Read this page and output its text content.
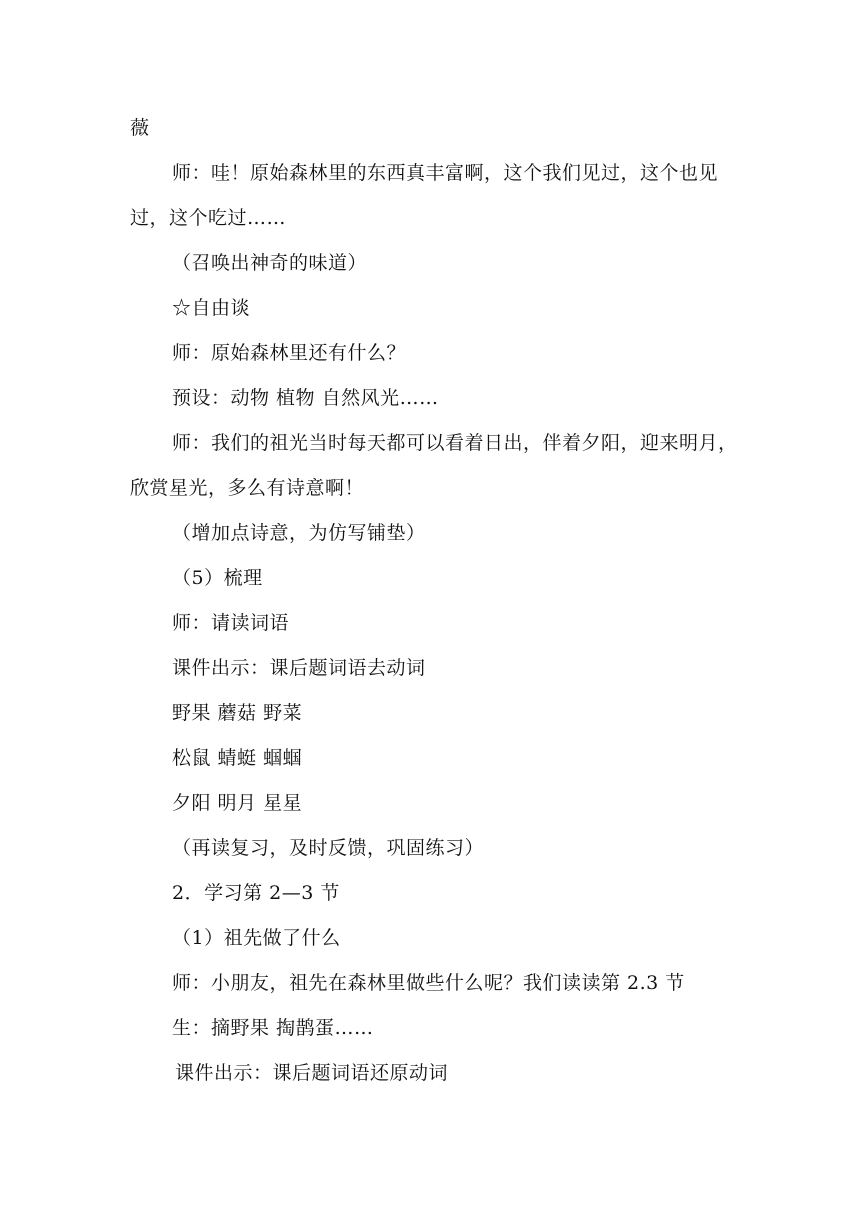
薇
师：哇！原始森林里的东西真丰富啊，这个我们见过，这个也见
过，这个吃过……
（召唤出神奇的味道）
☆自由谈
师：原始森林里还有什么？
预设：动物 植物 自然风光……
师：我们的祖光当时每天都可以看着日出，伴着夕阳，迎来明月，
欣赏星光，多么有诗意啊！
（增加点诗意，为仿写铺垫）
（5）梳理
师：请读词语
课件出示：课后题词语去动词
野果 蘑菇 野菜
松鼠 蜻蜓 蝈蝈
夕阳 明月 星星
（再读复习，及时反馈，巩固练习）
2．学习第 2—3 节
（1）祖先做了什么
师：小朋友，祖先在森林里做些什么呢？我们读读第 2.3 节
生：摘野果 掏鹊蛋……
课件出示：课后题词语还原动词
